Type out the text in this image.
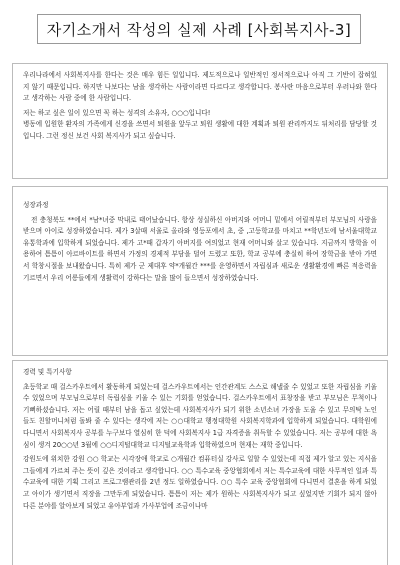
자기소개서 작성의 실제 사례 [사회복지사-3]

우리나라에서 사회복지사를 한다는 것은 매우 힘든 일입니다. 제도적으로나 일반적인 정서적으로나 아직 그 기반이 잡혀있지 않기 때문입니다. 하지만 나보다는 남을 생각하는 사람이라면 다르다고 생각합니다. 봉사란 마음으로부터 우러나와 한다고 생각하는 사람 중에 한 사람입니다.

저는 하고 싶은 일이 있으면 꼭 하는 성격의 소유자, ○○○입니다!

병동에 입원한 환자의 가족에게 신경을 쓰면서 퇴원을 앞두고 퇴원 생활에 대한 계획과 퇴원 관리까지도 뒤처리를 담당할 것입니다. 그런 정신 보건 사회 복지사가 되고 싶습니다.

성장과정

전 충청북도 **에서 *남*녀중 막내로 태어났습니다. 항상 성실하신 아버지와 어머니 밑에서 어릴적부터 부모님의 사랑을 받으며 아이로 성장하였습니다. 제가 3살때 서울로 올라와 영등포에서 초, 중 ,고등학교를 마치고 **학년도에 남서울대학교 유통학과에 입학하게 되었습니다. 제가 고*때 갑자기 아버지를 여의었고 현재 어머니와 살고 있습니다. 지금까지 방학을 이용하여 틈틈이 아르바이트를 하면서 가정의 경제적 부담을 덜어 드렸고 또한, 학교 공부에 충실히 하여 장학금을 받아 가면서 학창시절을 보내왔습니다. 특히 제가 군 제대후 약*개월간 ***를 운영하면서 자립심과 새로운 생활환경에 빠른 적응력을 기르면서 우리 어릉들에게 생활력이 강하다는 말을 많이 들으면서 성장하였습니다.

경력 및 특기사항

초등학교 때 걸스카우트에서 활동하게 되었는데 걸스카우트에서는 인간관계도 스스로 해낼줄 수 있었고 또한 자립심을 키울 수 있었으며 부모님으로부터 독립심을 키울 수 있는 기회를 얻었습니다. 걸스카우트에서 표창장을 받고 부모님은 무척이나 기뻐하셨습니다. 저는 어릴 때부터 남을 돕고 싶었는데 사회복지사가 되기 위한 소년소녀 가장을 도울 수 있고 무의탁 노인들도 친할머니처럼 돌봐 줄 수 있다는 생각에 저는 ○○대학교 행정대학원 사회복지학과에 입학하게 되었습니다. 대학원에 다니면서 사회복지사 공부를 누구보다 열심히 한 덕에 사회복지사 1급 자격증을 취득할 수 있었습니다. 저는 공부에 대한 욕심이 생겨 20○○년 3월에 ○○디지털대학교 디지털교육학과 입학하였으며 현재는 재학 중입니다.

강원도에 위치한 강원 ○○ 학교는 시각장애 학교로 ○개월간 컴퓨터실 강사로 일할 수 있었는데 직접 제가 알고 있는 지식을 그들에게 가르쳐 주는 뜻이 깊은 것이라고 생각합니다. ○○ 특수교육 중앙협회에서 저는 특수교육에 대한 사무적인 일과 특수교육에 대한 기획 그리고 프로그램관리를 2년 정도 일하였습니다. ○○ 특수 교육 중앙협회에 다니면서 결혼을 하게 되었고 아이가 생기면서 직장을 그만두게 되었습니다. 틈틈이 저는 제가 원하는 사회복지사가 되고 싶었지만 기회가 되지 않아 다른 분야를 알아보게 되었고 유아부업과 가사부업에 조금이나마
